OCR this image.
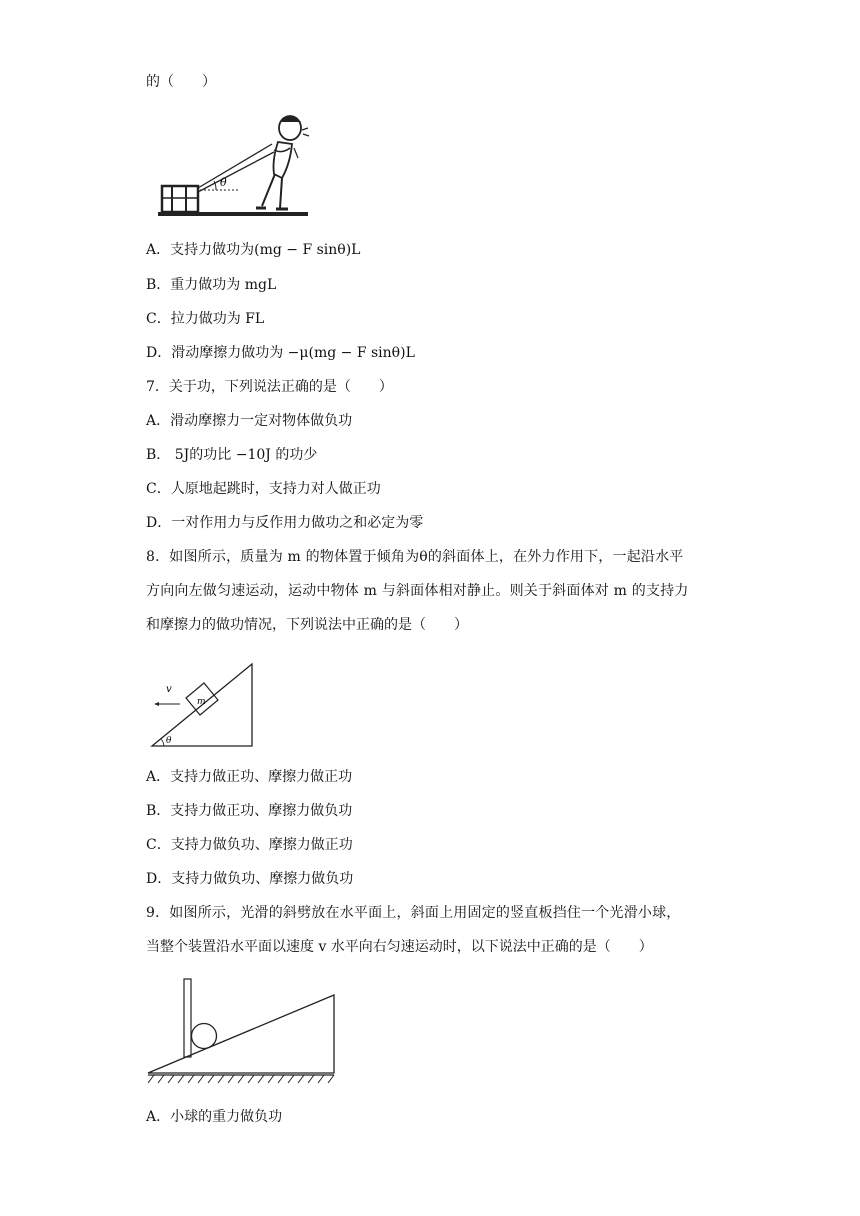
的（　　）
θ
A．支持力做功为(mg − F sinθ)L
B．重力做功为 mgL
C．拉力做功为 FL
D．滑动摩擦力做功为 −μ(mg − F sinθ)L
7．关于功，下列说法正确的是（　　）
A．滑动摩擦力一定对物体做负功
B． 5J的功比 −10J 的功少
C．人原地起跳时，支持力对人做正功
D．一对作用力与反作用力做功之和必定为零
8．如图所示，质量为 m 的物体置于倾角为θ的斜面体上，在外力作用下，一起沿水平
方向向左做匀速运动，运动中物体 m 与斜面体相对静止。则关于斜面体对 m 的支持力
和摩擦力的做功情况，下列说法中正确的是（　　）
m
v
θ
A．支持力做正功、摩擦力做正功
B．支持力做正功、摩擦力做负功
C．支持力做负功、摩擦力做正功
D．支持力做负功、摩擦力做负功
9．如图所示，光滑的斜劈放在水平面上，斜面上用固定的竖直板挡住一个光滑小球，
当整个装置沿水平面以速度 v 水平向右匀速运动时，以下说法中正确的是（　　）
A．小球的重力做负功
